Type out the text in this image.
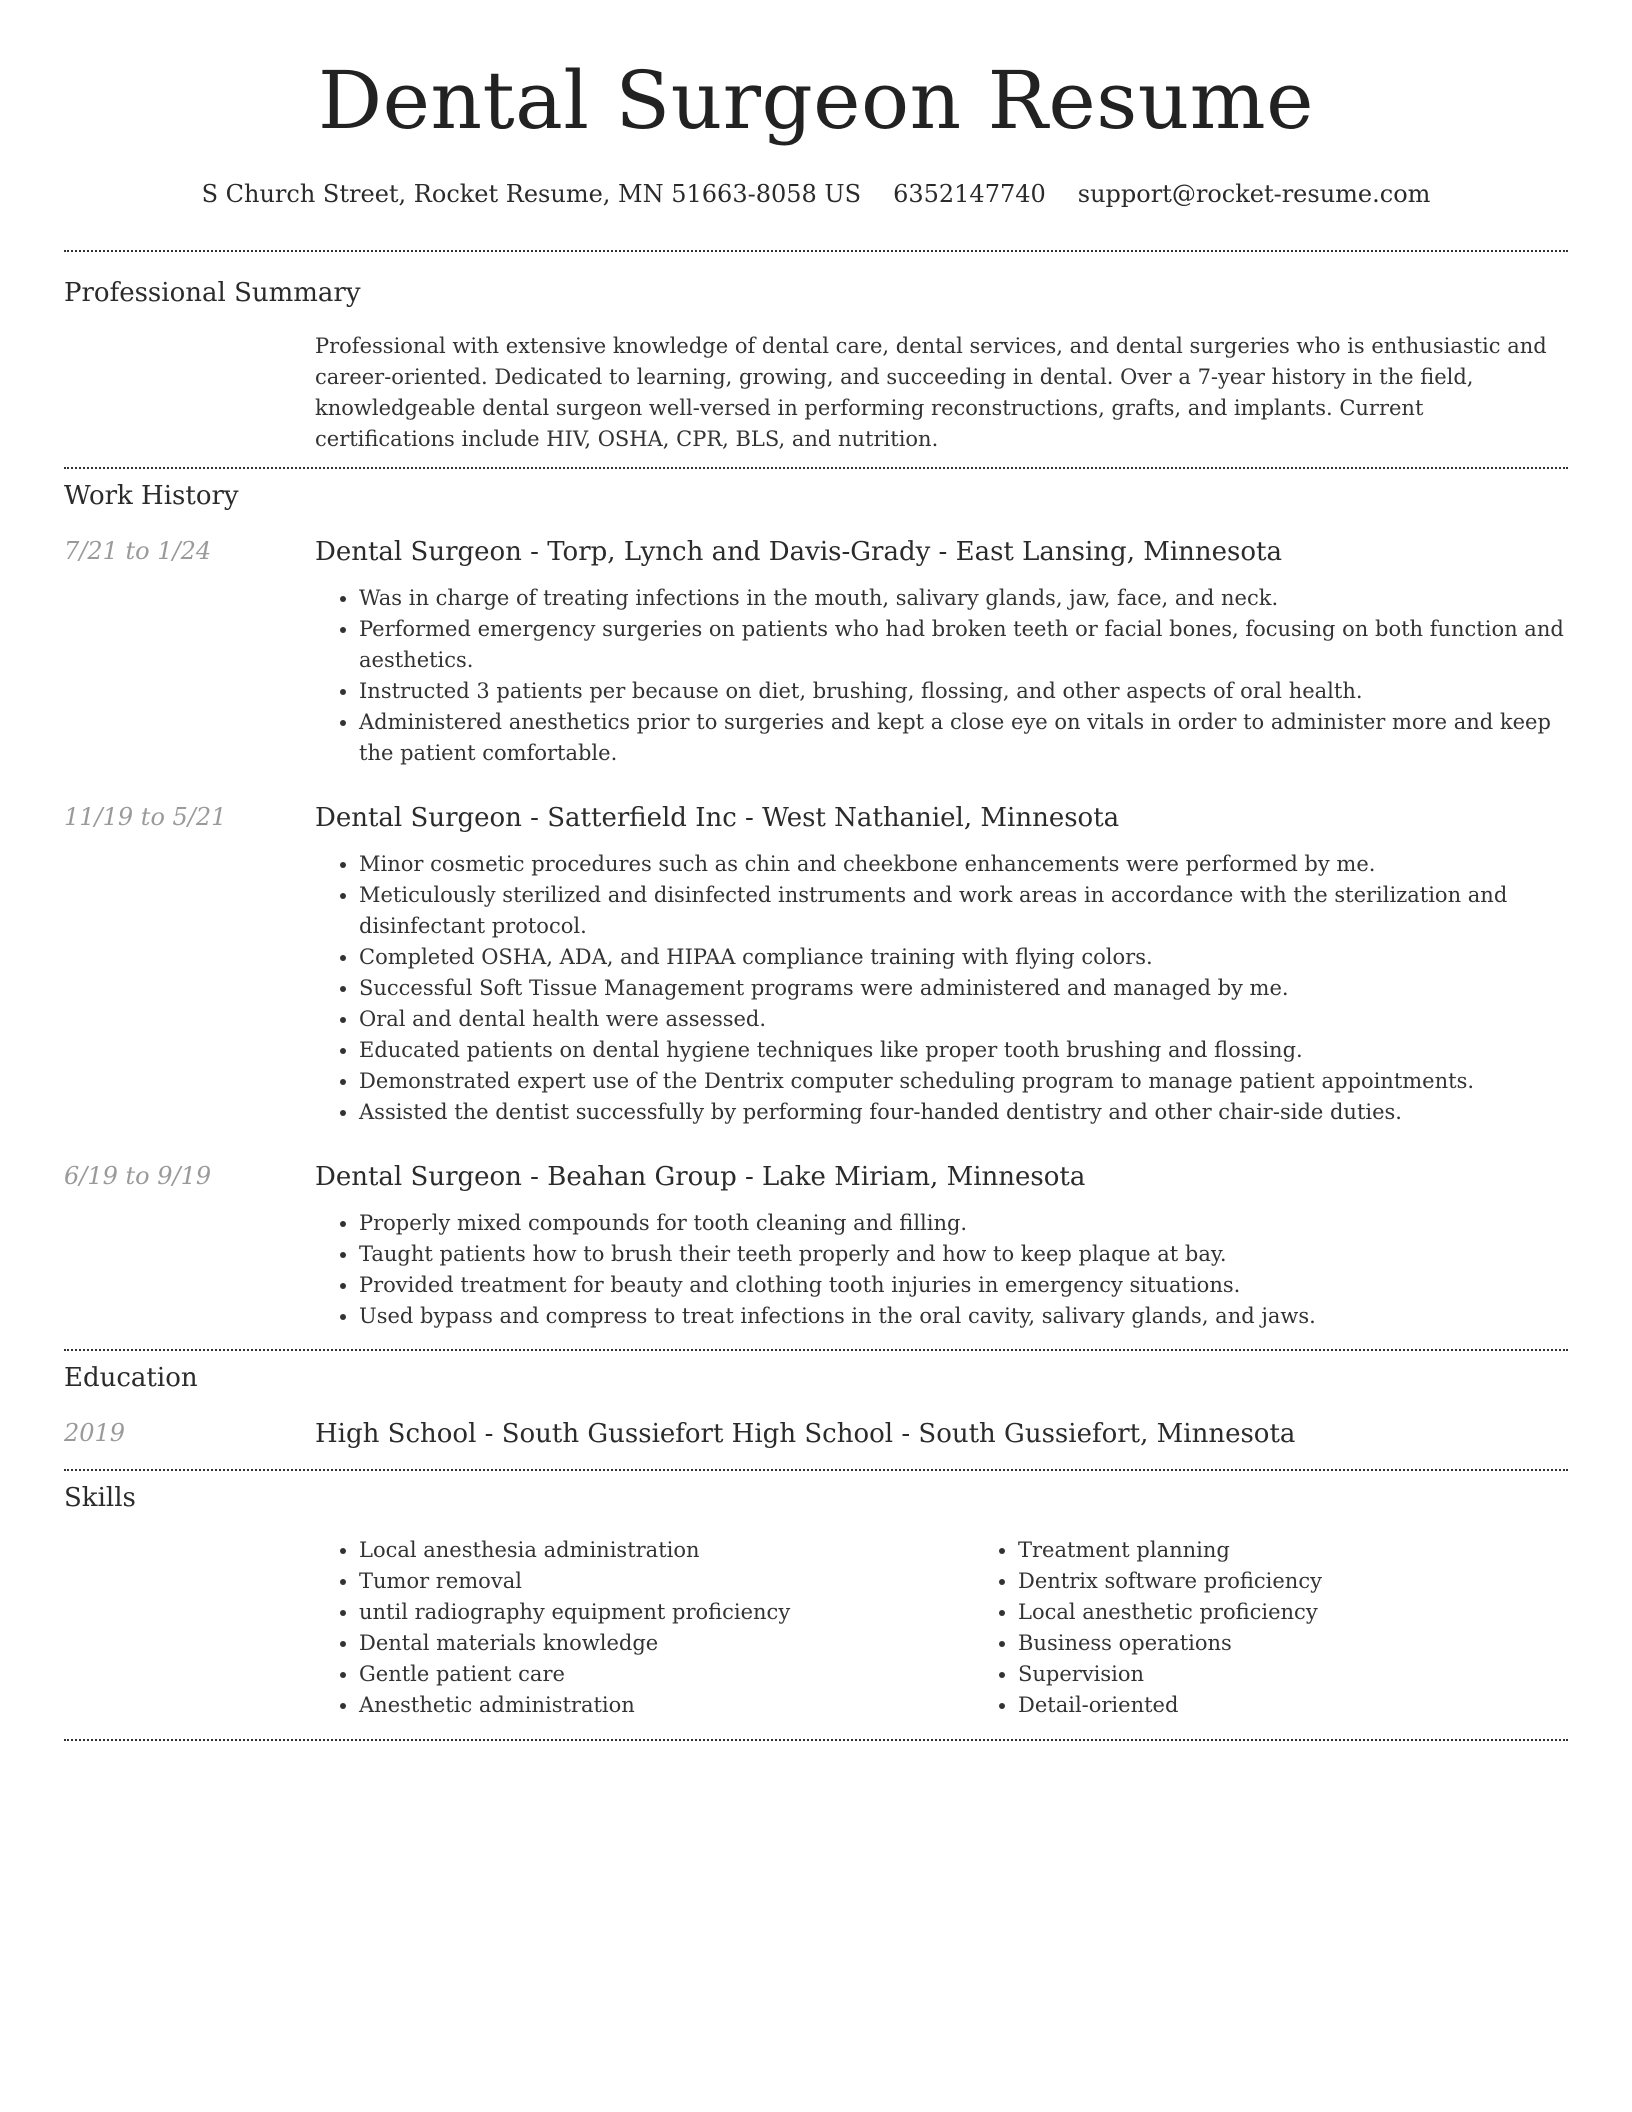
Dental Surgeon Resume
S Church Street, Rocket Resume, MN 51663-8058 US 6352147740 support@rocket-resume.com
Professional Summary

Professional with extensive knowledge of dental care, dental services, and dental surgeries who is enthusiastic and career-oriented. Dedicated to learning, growing, and succeeding in dental. Over a 7-year history in the field, knowledgeable dental surgeon well-versed in performing reconstructions, grafts, and implants. Current certifications include HIV, OSHA, CPR, BLS, and nutrition.

Work History
7/21 to 1/24	Dental Surgeon - Torp, Lynch and Davis-Grady - East Lansing, Minnesota
• Was in charge of treating infections in the mouth, salivary glands, jaw, face, and neck.
• Performed emergency surgeries on patients who had broken teeth or facial bones, focusing on both function and aesthetics.
• Instructed 3 patients per because on diet, brushing, flossing, and other aspects of oral health.
• Administered anesthetics prior to surgeries and kept a close eye on vitals in order to administer more and keep the patient comfortable.
11/19 to 5/21	Dental Surgeon - Satterfield Inc - West Nathaniel, Minnesota
• Minor cosmetic procedures such as chin and cheekbone enhancements were performed by me.
• Meticulously sterilized and disinfected instruments and work areas in accordance with the sterilization and disinfectant protocol.
• Completed OSHA, ADA, and HIPAA compliance training with flying colors.
• Successful Soft Tissue Management programs were administered and managed by me.
• Oral and dental health were assessed.
• Educated patients on dental hygiene techniques like proper tooth brushing and flossing.
• Demonstrated expert use of the Dentrix computer scheduling program to manage patient appointments.
• Assisted the dentist successfully by performing four-handed dentistry and other chair-side duties.
6/19 to 9/19	Dental Surgeon - Beahan Group - Lake Miriam, Minnesota
• Properly mixed compounds for tooth cleaning and filling.
• Taught patients how to brush their teeth properly and how to keep plaque at bay.
• Provided treatment for beauty and clothing tooth injuries in emergency situations.
• Used bypass and compress to treat infections in the oral cavity, salivary glands, and jaws.
Education
2019	High School - South Gussiefort High School - South Gussiefort, Minnesota
Skills
• Local anesthesia administration
• Tumor removal
• until radiography equipment proficiency
• Dental materials knowledge
• Gentle patient care
• Anesthetic administration
• Treatment planning
• Dentrix software proficiency
• Local anesthetic proficiency
• Business operations
• Supervision
• Detail-oriented
